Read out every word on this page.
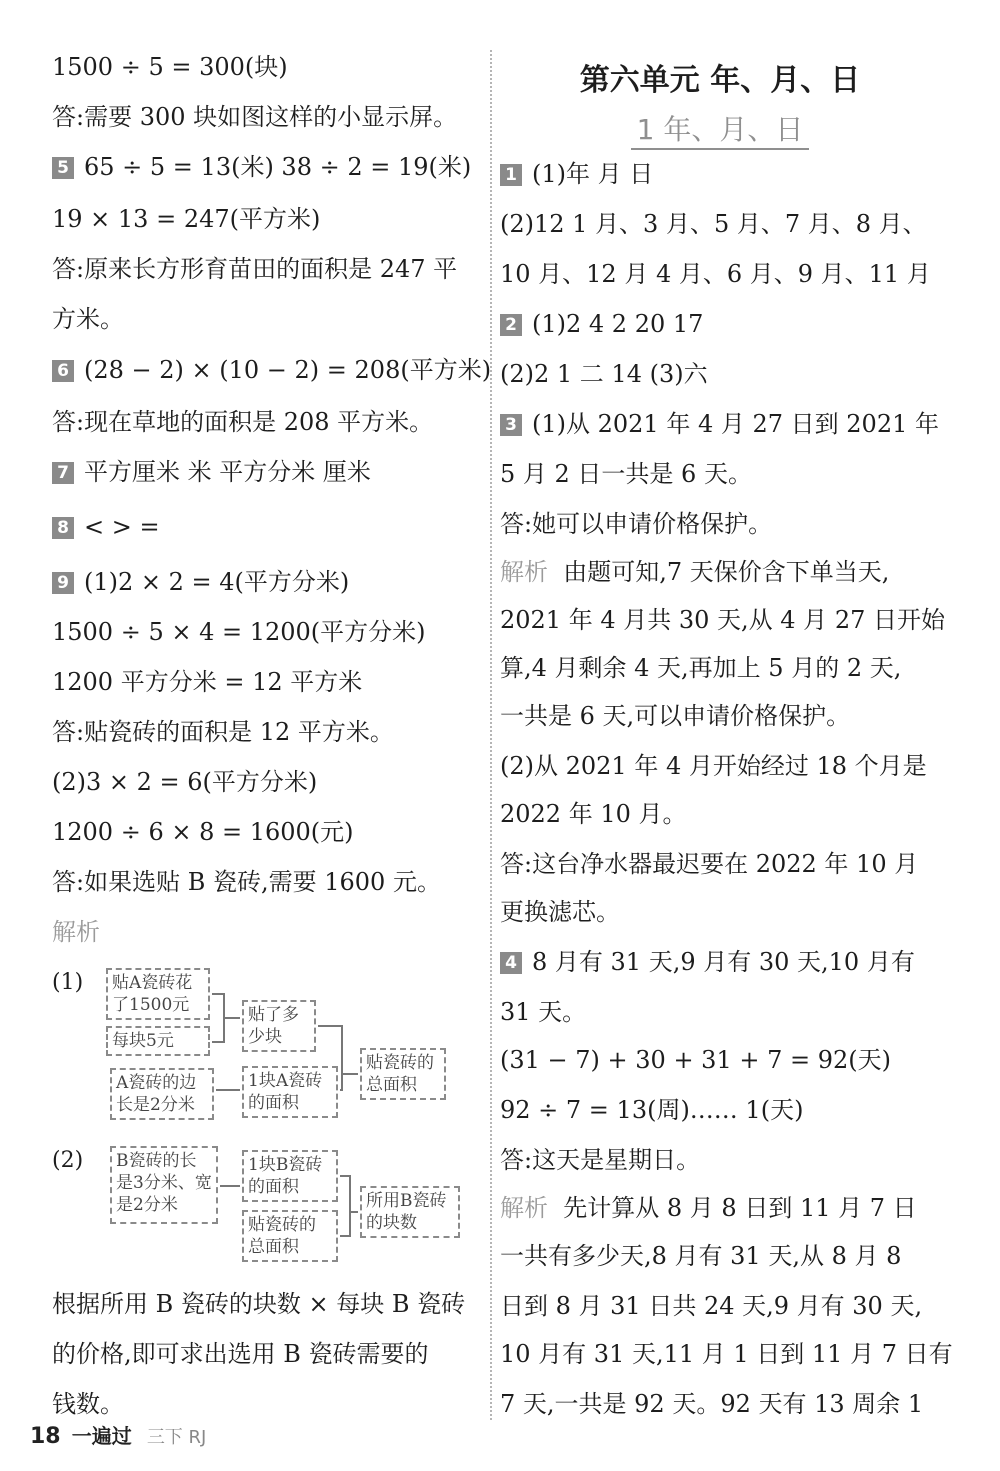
1500 ÷ 5 = 300(块)
答:需要 300 块如图这样的小显示屏。
5 65 ÷ 5 = 13(米) 38 ÷ 2 = 19(米)
19 × 13 = 247(平方米)
答:原来长方形育苗田的面积是 247 平
方米。
6 (28 − 2) × (10 − 2) = 208(平方米)
答:现在草地的面积是 208 平方米。
7 平方厘米 米 平方分米 厘米
8 < > =
9 (1)2 × 2 = 4(平方分米)
1500 ÷ 5 × 4 = 1200(平方分米)
1200 平方分米 = 12 平方米
答:贴瓷砖的面积是 12 平方米。
(2)3 × 2 = 6(平方分米)
1200 ÷ 6 × 8 = 1600(元)
答:如果选贴 B 瓷砖,需要 1600 元。
解析
(1)	贴A瓷砖花了1500元
每块5元
贴了多少块
A瓷砖的边长是2分米
1块A瓷砖的面积
贴瓷砖的总面积
(2)	B瓷砖的长是3分米、宽是2分米
1块B瓷砖的面积
贴瓷砖的总面积
所用B瓷砖的块数
根据所用 B 瓷砖的块数 × 每块 B 瓷砖
的价格,即可求出选用 B 瓷砖需要的
钱数。
第六单元 年、月、日
1 年、月、日
1 (1)年 月 日
(2)12 1 月、3 月、5 月、7 月、8 月、
10 月、12 月 4 月、6 月、9 月、11 月
2 (1)2 4 2 20 17
(2)2 1 二 14 (3)六
3 (1)从 2021 年 4 月 27 日到 2021 年
5 月 2 日一共是 6 天。
答:她可以申请价格保护。
解析 由题可知,7 天保价含下单当天,
2021 年 4 月共 30 天,从 4 月 27 日开始
算,4 月剩余 4 天,再加上 5 月的 2 天,
一共是 6 天,可以申请价格保护。
(2)从 2021 年 4 月开始经过 18 个月是
2022 年 10 月。
答:这台净水器最迟要在 2022 年 10 月
更换滤芯。
4 8 月有 31 天,9 月有 30 天,10 月有
31 天。
(31 − 7) + 30 + 31 + 7 = 92(天)
92 ÷ 7 = 13(周)…… 1(天)
答:这天是星期日。
解析 先计算从 8 月 8 日到 11 月 7 日
一共有多少天,8 月有 31 天,从 8 月 8
日到 8 月 31 日共 24 天,9 月有 30 天,
10 月有 31 天,11 月 1 日到 11 月 7 日有
7 天,一共是 92 天。92 天有 13 周余 1
18 一遍过 三下 RJ
